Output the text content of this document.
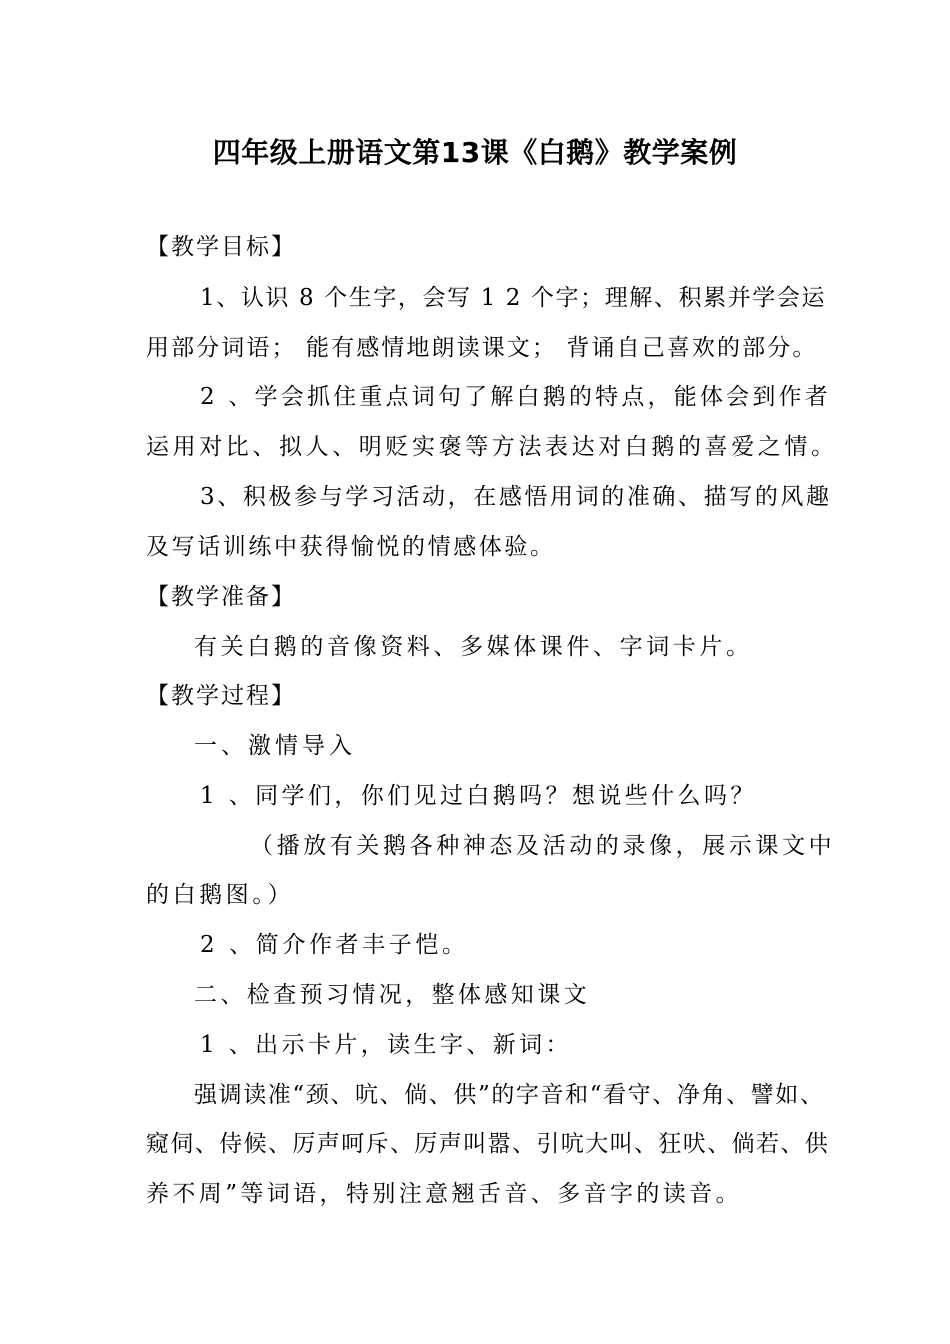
四年级上册语文第13课《白鹅》教学案例
【教学目标】
1、认识 8 个生字，会写 1 2 个字；理解、积累并学会运
用部分词语； 能有感情地朗读课文； 背诵自己喜欢的部分。
2 、学会抓住重点词句了解白鹅的特点，能体会到作者
运用对比、拟人、明贬实褒等方法表达对白鹅的喜爱之情。
3、积极参与学习活动，在感悟用词的准确、描写的风趣
及写话训练中获得愉悦的情感体验。
【教学准备】
有关白鹅的音像资料、多媒体课件、字词卡片。
【教学过程】
一、激情导入
1 、同学们，你们见过白鹅吗？想说些什么吗？
（播放有关鹅各种神态及活动的录像，展示课文中
的白鹅图。）
2 、简介作者丰子恺。
二、检查预习情况，整体感知课文
1 、出示卡片，读生字、新词：
强调读准“颈、吭、倘、供”的字音和“看守、净角、譬如、
窥伺、侍候、厉声呵斥、厉声叫嚣、引吭大叫、狂吠、倘若、供
养不周”等词语，特别注意翘舌音、多音字的读音。
